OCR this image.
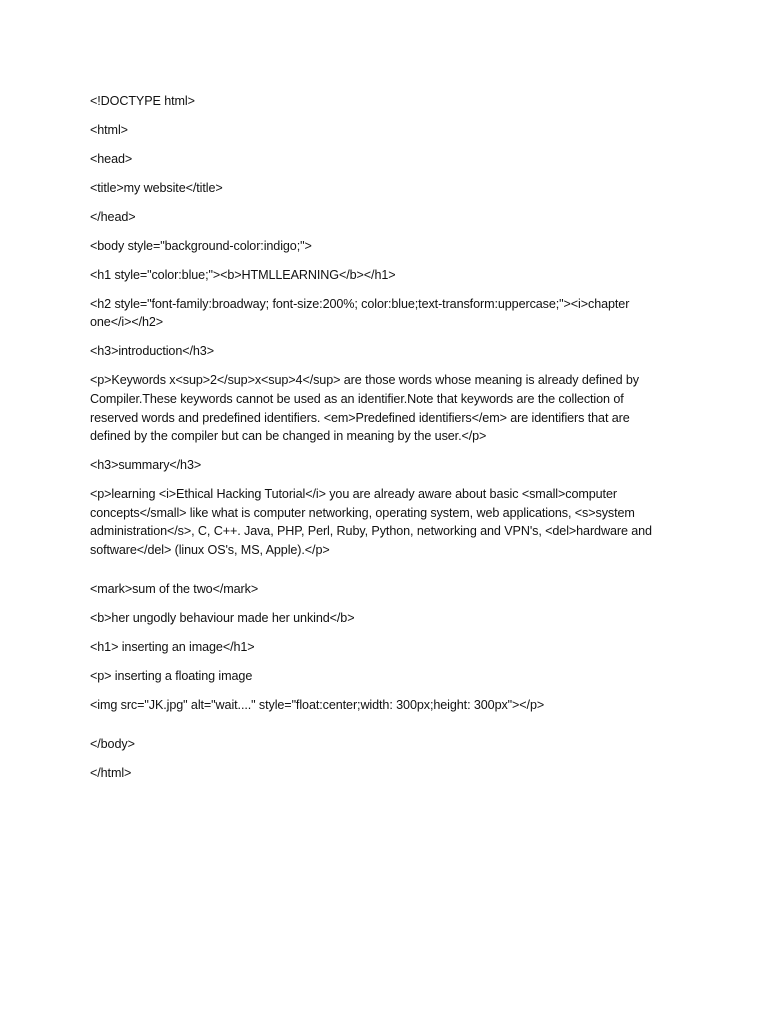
<!DOCTYPE html>

<html>

<head>

<title>my website</title>

</head>

<body style="background-color:indigo;">

<h1 style="color:blue;"><b>HTMLLEARNING</b></h1>

<h2 style="font-family:broadway; font-size:200%; color:blue;text-transform:uppercase;"><i>chapter one</i></h2>

<h3>introduction</h3>

<p>Keywords x<sup>2</sup>x<sup>4</sup> are those words whose meaning is already defined by Compiler.These keywords cannot be used as an identifier.Note that keywords are the collection of reserved words and predefined identifiers. <em>Predefined identifiers</em> are identifiers that are defined by the compiler but can be changed in meaning by the user.</p>

<h3>summary</h3>

<p>learning <i>Ethical Hacking Tutorial</i> you are already aware about basic <small>computer concepts</small> like what is computer networking, operating system, web applications, <s>system administration</s>, C, C++. Java, PHP, Perl, Ruby, Python, networking and VPN's, <del>hardware and software</del> (linux OS's, MS, Apple).</p>

<mark>sum of the two</mark>

<b>her ungodly behaviour made her unkind</b>

<h1> inserting an image</h1>

<p> inserting a floating image

<img src="JK.jpg" alt="wait...." style="float:center;width: 300px;height: 300px"></p>

</body>

</html>
